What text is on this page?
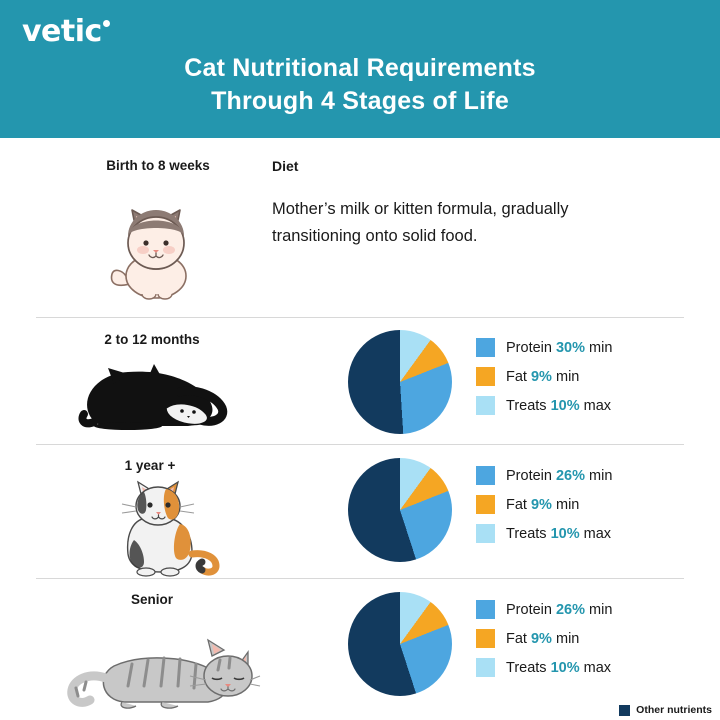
vetic
Cat Nutritional Requirements
Through 4 Stages of Life
Birth to 8 weeks	Diet
Mother’s milk or kitten formula, gradually transitioning onto solid food.
2 to 12 months	Protein 30% min
Fat 9% min
Treats 10% max
1 year +
Protein 26% min
Fat 9% min
Treats 10% max
Senior
Protein 26% min
Fat 9% min
Treats 10% max
Other nutrients
